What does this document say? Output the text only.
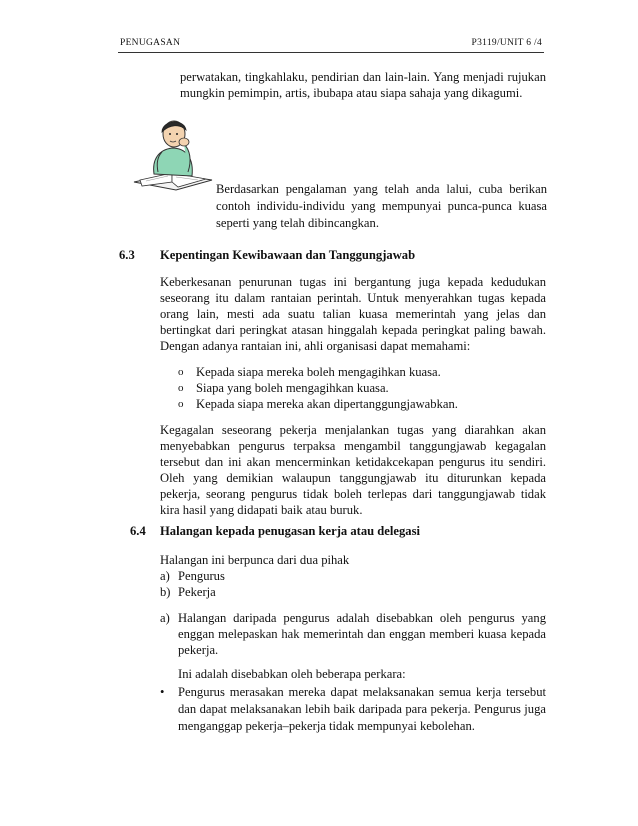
PENUGASAN	P3119/UNIT 6 /4
perwatakan, tingkahlaku, pendirian dan lain-lain. Yang menjadi rujukan
mungkin pemimpin, artis, ibubapa atau siapa sahaja yang dikagumi.
Berdasarkan pengalaman yang telah anda lalui, cuba berikan
contoh individu-individu yang mempunyai punca-punca kuasa
seperti yang telah dibincangkan.
6.3 Kepentingan Kewibawaan dan Tanggungjawab
Keberkesanan penurunan tugas ini bergantung juga kepada kedudukan
seseorang itu dalam rantaian perintah. Untuk menyerahkan tugas kepada
orang lain, mesti ada suatu talian kuasa memerintah yang jelas dan
bertingkat dari peringkat atasan hinggalah kepada peringkat paling bawah.
Dengan adanya rantaian ini, ahli organisasi dapat memahami:
o Kepada siapa mereka boleh mengagihkan kuasa.
o Siapa yang boleh mengagihkan kuasa.
o Kepada siapa mereka akan dipertanggungjawabkan.
Kegagalan seseorang pekerja menjalankan tugas yang diarahkan akan
menyebabkan pengurus terpaksa mengambil tanggungjawab kegagalan
tersebut dan ini akan mencerminkan ketidakcekapan pengurus itu sendiri.
Oleh yang demikian walaupun tanggungjawab itu diturunkan kepada
pekerja, seorang pengurus tidak boleh terlepas dari tanggungjawab tidak
kira hasil yang didapati baik atau buruk.
6.4 Halangan kepada penugasan kerja atau delegasi
Halangan ini berpunca dari dua pihak
a) Pengurus
b) Pekerja
a) Halangan daripada pengurus adalah disebabkan oleh pengurus yang
enggan melepaskan hak memerintah dan enggan memberi kuasa kepada
pekerja.
Ini adalah disebabkan oleh beberapa perkara:
•	Pengurus merasakan mereka dapat melaksanakan semua kerja tersebut
dan dapat melaksanakan lebih baik daripada para pekerja. Pengurus juga
menganggap pekerja–pekerja tidak mempunyai kebolehan.
